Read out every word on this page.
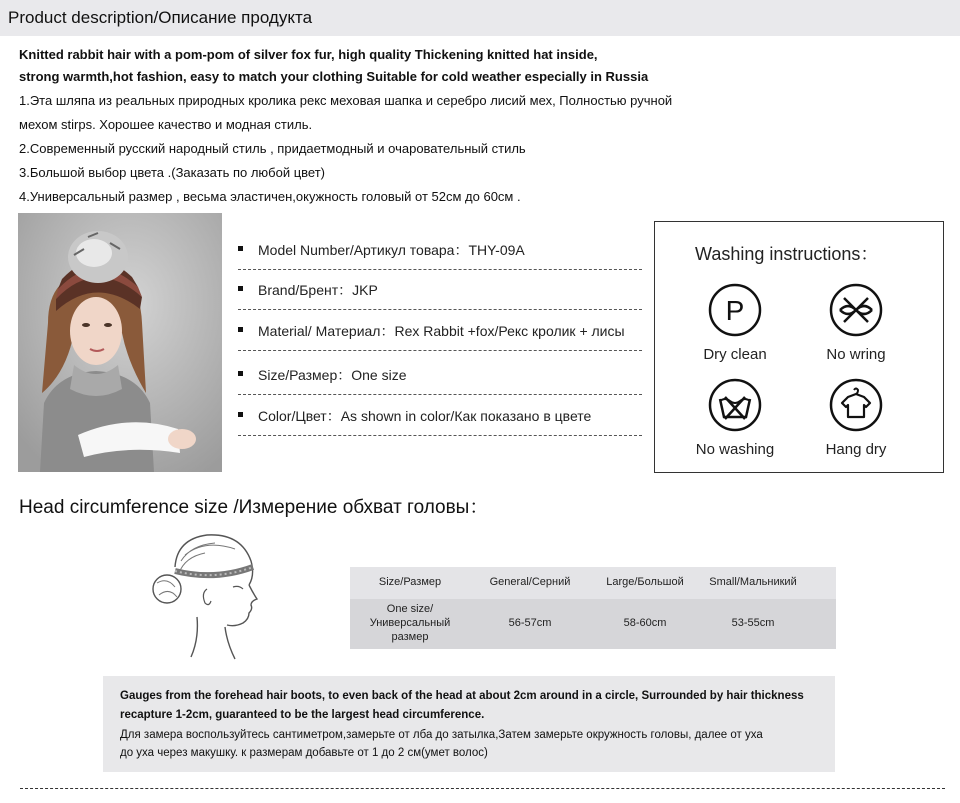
Product description/Описание продукта
Knitted rabbit hair with a pom-pom of silver fox fur, high quality Thickening knitted hat inside,
strong warmth,hot fashion, easy to match your clothing Suitable for cold weather especially in Russia
1.Эта шляпа из реальных природных кролика рекс меховая шапка и серебро лисий мех, Полностью ручной
мехом stirps. Хорошее качество и модная стиль.
2.Современный русский народный стиль , придаетмодный и очаровательный стиль
3.Большой выбор цвета .(Заказать по любой цвет)
4.Универсальный размер , весьма эластичен,окужность головый от 52см до 60см .
Model Number/Артикул товара：THY-09A
Brand/Брент：JKP
Material/ Материал：Rex Rabbit +fox/Рекс кролик + лисы
Size/Размер：One size
Color/Цвет：As shown in color/Как показано в цвете
Washing instructions：
P
Dry clean	No wring
No washing	Hang dry
Head circumference size /Измерение обхват головы：
Size/Размер	General/Серний	Large/Большой	Small/Мальникий
One size/
Универсальный
размер
56-57cm	58-60cm	53-55cm
Gauges from the forehead hair boots, to even back of the head at about 2cm around in a circle, Surrounded by hair thickness
recapture 1-2cm, guaranteed to be the largest head circumference.
Для замера воспользуйтесь сантиметром,замерьте от лба до затылка,Затем замерьте окружность головы, далее от уха
до уха через макушку. к размерам добавьте от 1 до 2 см(умет волос)
